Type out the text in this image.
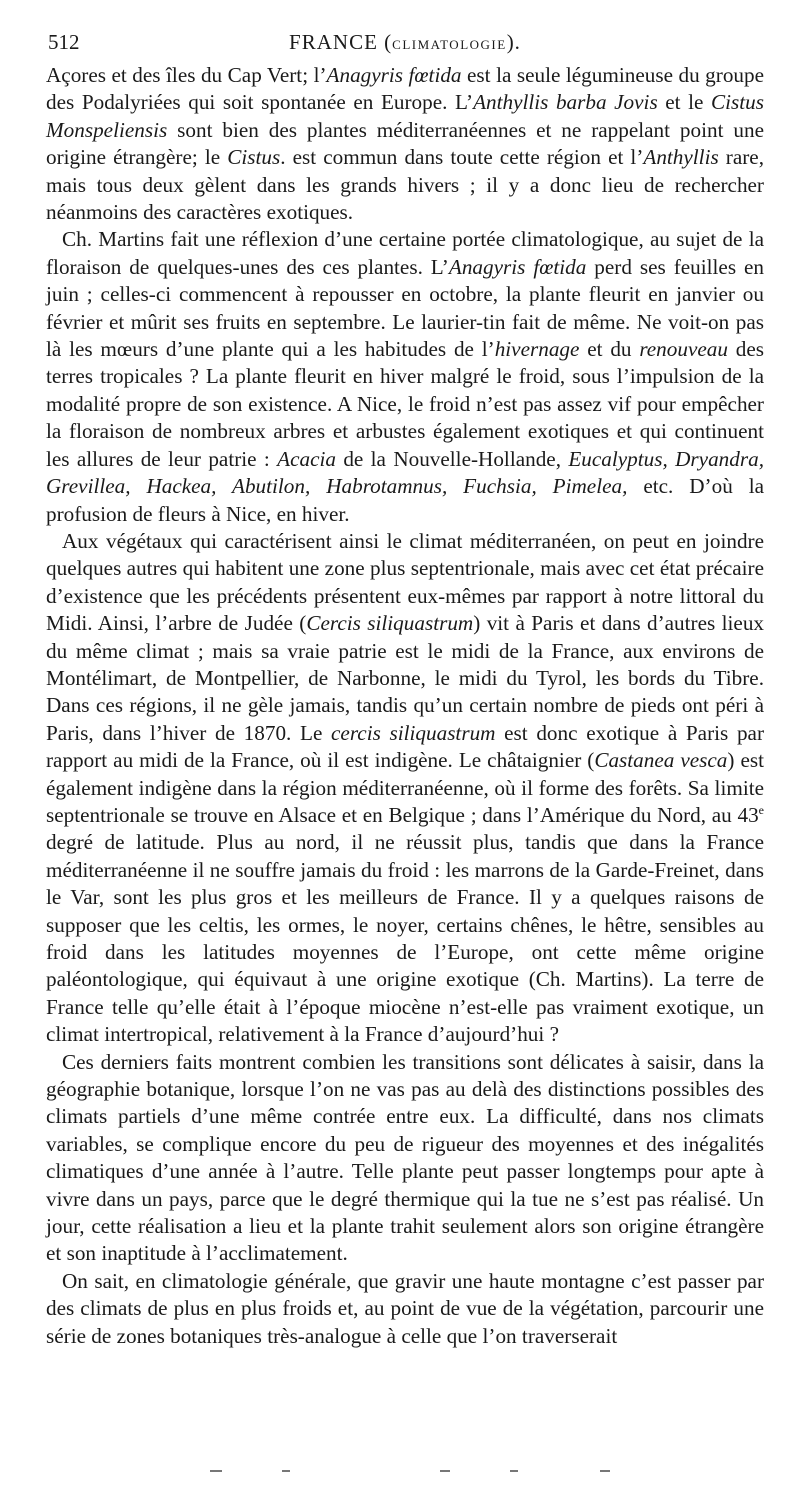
512	FRANCE (CLIMATOLOGIE).

Açores et des îles du Cap Vert; l’Anagyris fœtida est la seule légumineuse du groupe des Podalyriées qui soit spontanée en Europe. L’Anthyllis barba Jovis et le Cistus Monspeliensis sont bien des plantes méditerranéennes et ne rappelant point une origine étrangère; le Cistus. est commun dans toute cette région et l’Anthyllis rare, mais tous deux gèlent dans les grands hivers ; il y a donc lieu de rechercher néanmoins des caractères exotiques.

Ch. Martins fait une réflexion d’une certaine portée climatologique, au sujet de la floraison de quelques-unes des ces plantes. L’Anagyris fœtida perd ses feuilles en juin ; celles-ci commencent à repousser en octobre, la plante fleurit en janvier ou février et mûrit ses fruits en septembre. Le laurier-tin fait de même. Ne voit-on pas là les mœurs d’une plante qui a les habitudes de l’hivernage et du renouveau des terres tropicales ? La plante fleurit en hiver malgré le froid, sous l’impulsion de la modalité propre de son existence. A Nice, le froid n’est pas assez vif pour empêcher la floraison de nombreux arbres et arbustes également exotiques et qui continuent les allures de leur patrie : Acacia de la Nouvelle-Hollande, Eucalyptus, Dryandra, Grevillea, Hackea, Abutilon, Habrotamnus, Fuchsia, Pimelea, etc. D’où la profusion de fleurs à Nice, en hiver.

Aux végétaux qui caractérisent ainsi le climat méditerranéen, on peut en joindre quelques autres qui habitent une zone plus septentrionale, mais avec cet état précaire d’existence que les précédents présentent eux-mêmes par rapport à notre littoral du Midi. Ainsi, l’arbre de Judée (Cercis siliquastrum) vit à Paris et dans d’autres lieux du même climat ; mais sa vraie patrie est le midi de la France, aux environs de Montélimart, de Montpellier, de Narbonne, le midi du Tyrol, les bords du Tibre. Dans ces régions, il ne gèle jamais, tandis qu’un certain nombre de pieds ont péri à Paris, dans l’hiver de 1870. Le cercis siliquastrum est donc exotique à Paris par rapport au midi de la France, où il est indigène. Le châtaignier (Castanea vesca) est également indigène dans la région méditerranéenne, où il forme des forêts. Sa limite septentrionale se trouve en Alsace et en Belgique ; dans l’Amérique du Nord, au 43e degré de latitude. Plus au nord, il ne réussit plus, tandis que dans la France méditerranéenne il ne souffre jamais du froid : les marrons de la Garde-Freinet, dans le Var, sont les plus gros et les meilleurs de France. Il y a quelques raisons de supposer que les celtis, les ormes, le noyer, certains chênes, le hêtre, sensibles au froid dans les latitudes moyennes de l’Europe, ont cette même origine paléontologique, qui équivaut à une origine exotique (Ch. Martins). La terre de France telle qu’elle était à l’époque miocène n’est-elle pas vraiment exotique, un climat intertropical, relativement à la France d’aujourd’hui ?

Ces derniers faits montrent combien les transitions sont délicates à saisir, dans la géographie botanique, lorsque l’on ne vas pas au delà des distinctions possibles des climats partiels d’une même contrée entre eux. La difficulté, dans nos climats variables, se complique encore du peu de rigueur des moyennes et des inégalités climatiques d’une année à l’autre. Telle plante peut passer longtemps pour apte à vivre dans un pays, parce que le degré thermique qui la tue ne s’est pas réalisé. Un jour, cette réalisation a lieu et la plante trahit seulement alors son origine étrangère et son inaptitude à l’acclimatement.

On sait, en climatologie générale, que gravir une haute montagne c’est passer par des climats de plus en plus froids et, au point de vue de la végétation, parcourir une série de zones botaniques très-analogue à celle que l’on traverserait
